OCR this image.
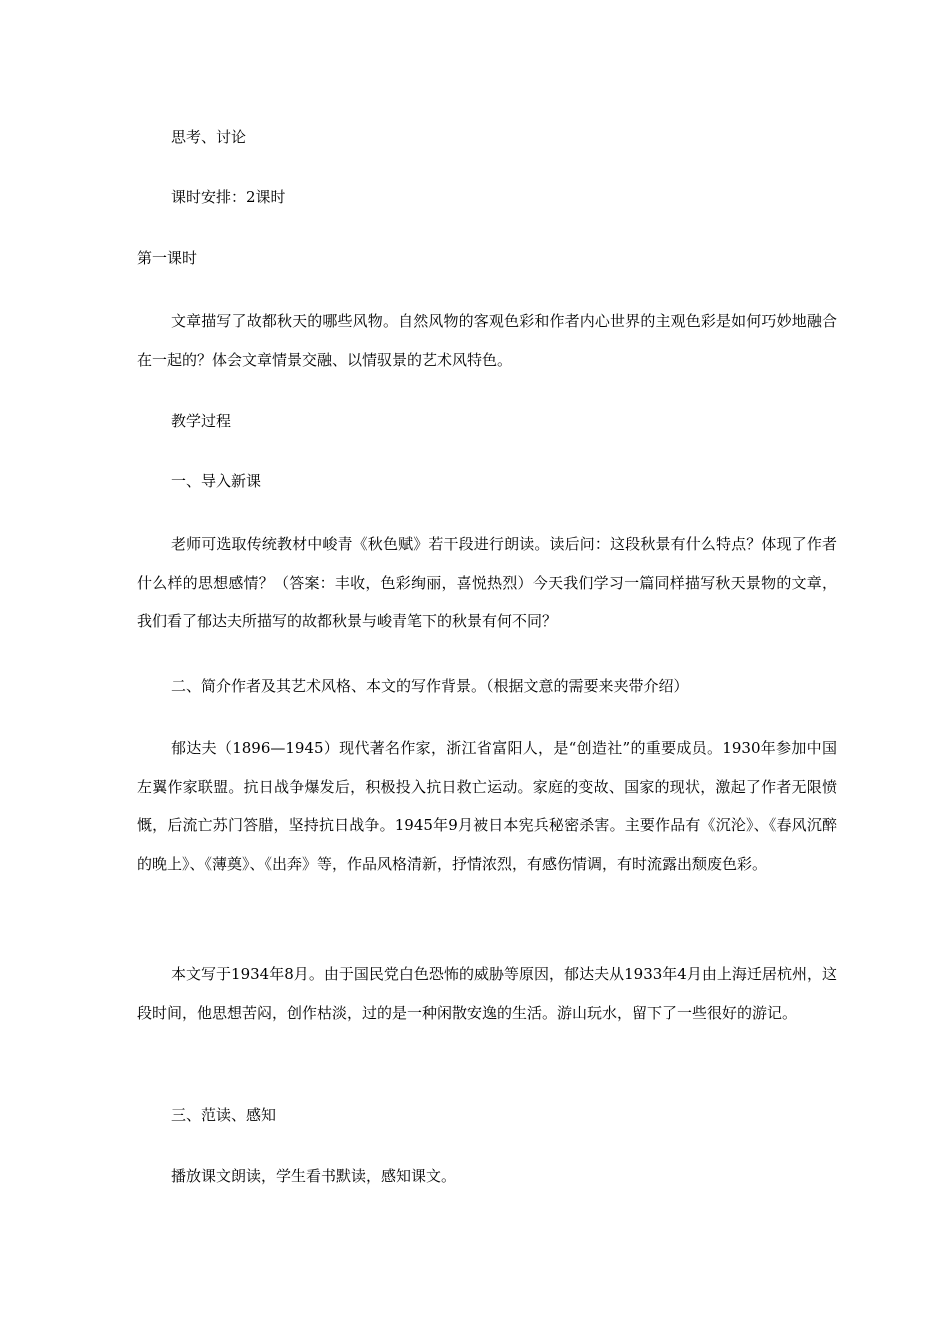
思考、讨论

课时安排：2课时

第一课时

文章描写了故都秋天的哪些风物。自然风物的客观色彩和作者内心世界的主观色彩是如何巧妙地融合在一起的？体会文章情景交融、以情驭景的艺术风特色。

教学过程

一、导入新课

老师可选取传统教材中峻青《秋色赋》若干段进行朗读。读后问：这段秋景有什么特点？体现了作者什么样的思想感情？（答案：丰收，色彩绚丽，喜悦热烈）今天我们学习一篇同样描写秋天景物的文章，我们看了郁达夫所描写的故都秋景与峻青笔下的秋景有何不同？

二、简介作者及其艺术风格、本文的写作背景。（根据文意的需要来夹带介绍）

郁达夫（1896—1945）现代著名作家，浙江省富阳人，是“创造社”的重要成员。1930年参加中国左翼作家联盟。抗日战争爆发后，积极投入抗日救亡运动。家庭的变故、国家的现状，激起了作者无限愤慨，后流亡苏门答腊，坚持抗日战争。1945年9月被日本宪兵秘密杀害。主要作品有《沉沦》、《春风沉醉的晚上》、《薄奠》、《出奔》等，作品风格清新，抒情浓烈，有感伤情调，有时流露出颓废色彩。

本文写于1934年8月。由于国民党白色恐怖的威胁等原因，郁达夫从1933年4月由上海迁居杭州，这段时间，他思想苦闷，创作枯淡，过的是一种闲散安逸的生活。游山玩水，留下了一些很好的游记。

三、范读、感知

播放课文朗读，学生看书默读，感知课文。
